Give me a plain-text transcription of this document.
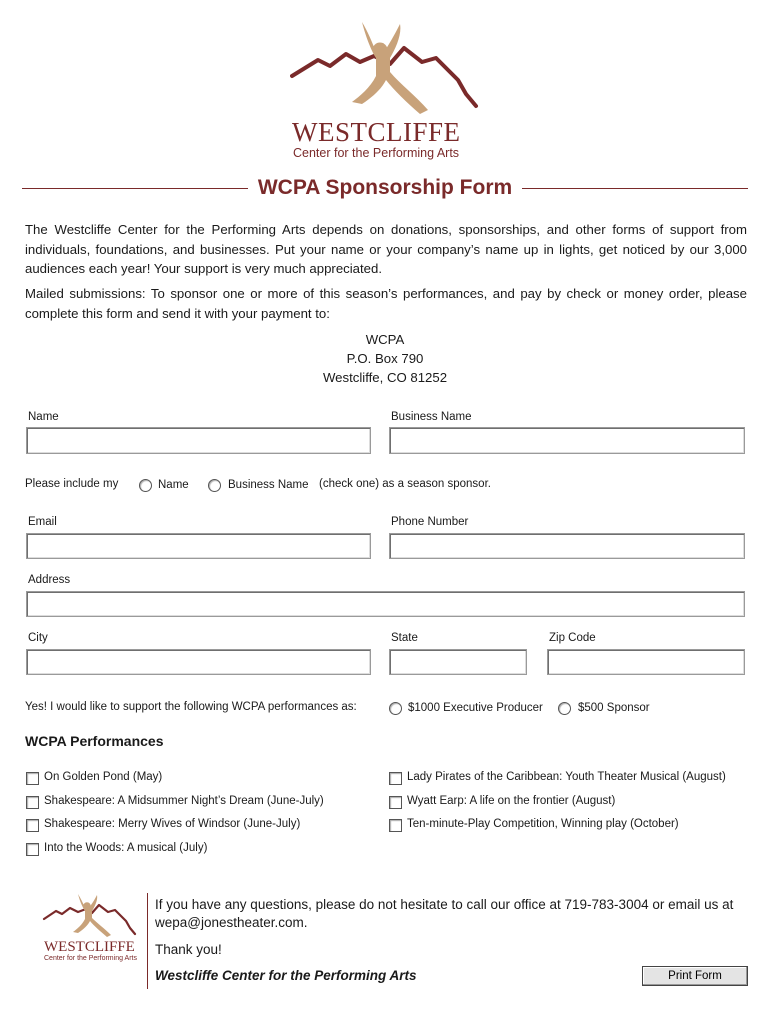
WESTCLIFFE
Center for the Performing Arts
WCPA Sponsorship Form
The Westcliffe Center for the Performing Arts depends on donations, sponsorships, and other forms of support from individuals, foundations, and businesses. Put your name or your company’s name up in lights, get noticed by our 3,000 audiences each year! Your support is very much appreciated.
Mailed submissions: To sponsor one or more of this season’s performances, and pay by check or money order, please complete this form and send it with your payment to:
WCPA
P.O. Box 790
Westcliffe, CO 81252
Name	Business Name
Please include my	Name	Business Name (check one) as a season sponsor.
Email	Phone Number
Address
City	State	Zip Code
Yes! I would like to support the following WCPA performances as:	$1000 Executive Producer	$500 Sponsor
WCPA Performances
On Golden Pond (May)
Shakespeare: A Midsummer Night’s Dream (June-July)
Shakespeare: Merry Wives of Windsor (June-July)
Into the Woods: A musical (July)
Lady Pirates of the Caribbean: Youth Theater Musical (August)
Wyatt Earp: A life on the frontier (August)
Ten-minute-Play Competition, Winning play (October)
WESTCLIFFE
Center for the Performing Arts
If you have any questions, please do not hesitate to call our office at 719-783-3004 or email us at wepa@jonestheater.com.
Thank you!
Westcliffe Center for the Performing Arts	Print Form
